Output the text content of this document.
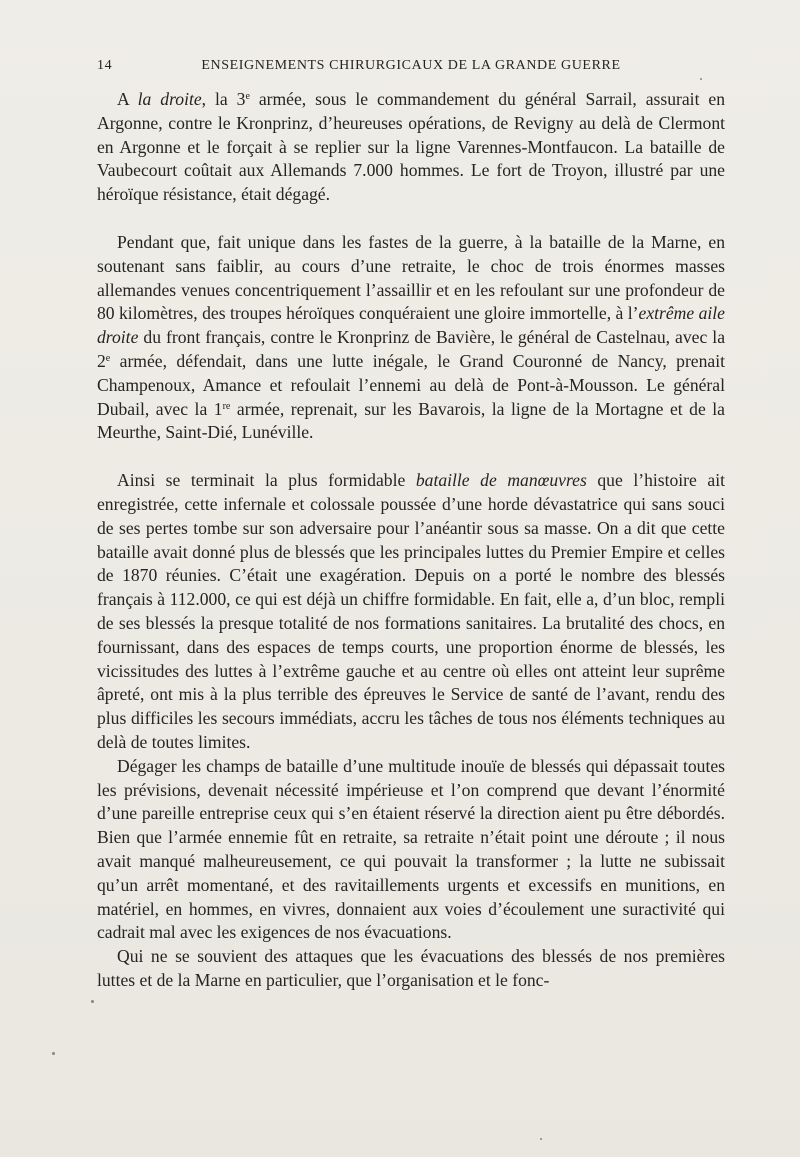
14	ENSEIGNEMENTS CHIRURGICAUX DE LA GRANDE GUERRE

A la droite, la 3e armée, sous le commandement du général Sarrail, assurait en Argonne, contre le Kronprinz, d’heureuses opérations, de Revigny au delà de Clermont en Argonne et le forçait à se replier sur la ligne Varennes-Montfaucon. La bataille de Vaubecourt coûtait aux Allemands 7.000 hommes. Le fort de Troyon, illustré par une héroïque résistance, était dégagé.

Pendant que, fait unique dans les fastes de la guerre, à la bataille de la Marne, en soutenant sans faiblir, au cours d’une retraite, le choc de trois énormes masses allemandes venues concentriquement l’assaillir et en les refoulant sur une profondeur de 80 kilomètres, des troupes héroïques conquéraient une gloire immortelle, à l’extrême aile droite du front français, contre le Kronprinz de Bavière, le général de Castelnau, avec la 2e armée, défendait, dans une lutte inégale, le Grand Couronné de Nancy, prenait Champenoux, Amance et refoulait l’ennemi au delà de Pont-à-Mousson. Le général Dubail, avec la 1re armée, reprenait, sur les Bavarois, la ligne de la Mortagne et de la Meurthe, Saint-Dié, Lunéville.

Ainsi se terminait la plus formidable bataille de manœuvres que l’histoire ait enregistrée, cette infernale et colossale poussée d’une horde dévastatrice qui sans souci de ses pertes tombe sur son adversaire pour l’anéantir sous sa masse. On a dit que cette bataille avait donné plus de blessés que les principales luttes du Premier Empire et celles de 1870 réunies. C’était une exagération. Depuis on a porté le nombre des blessés français à 112.000, ce qui est déjà un chiffre formidable. En fait, elle a, d’un bloc, rempli de ses blessés la presque totalité de nos formations sanitaires. La brutalité des chocs, en fournissant, dans des espaces de temps courts, une proportion énorme de blessés, les vicissitudes des luttes à l’extrême gauche et au centre où elles ont atteint leur suprême âpreté, ont mis à la plus terrible des épreuves le Service de santé de l’avant, rendu des plus difficiles les secours immédiats, accru les tâches de tous nos éléments techniques au delà de toutes limites.

Dégager les champs de bataille d’une multitude inouïe de blessés qui dépassait toutes les prévisions, devenait nécessité impérieuse et l’on comprend que devant l’énormité d’une pareille entreprise ceux qui s’en étaient réservé la direction aient pu être débordés. Bien que l’armée ennemie fût en retraite, sa retraite n’était point une déroute ; il nous avait manqué malheureusement, ce qui pouvait la transformer ; la lutte ne subissait qu’un arrêt momentané, et des ravitaillements urgents et excessifs en munitions, en matériel, en hommes, en vivres, donnaient aux voies d’écoulement une suractivité qui cadrait mal avec les exigences de nos évacuations.

Qui ne se souvient des attaques que les évacuations des blessés de nos premières luttes et de la Marne en particulier, que l’organisation et le fonc-
